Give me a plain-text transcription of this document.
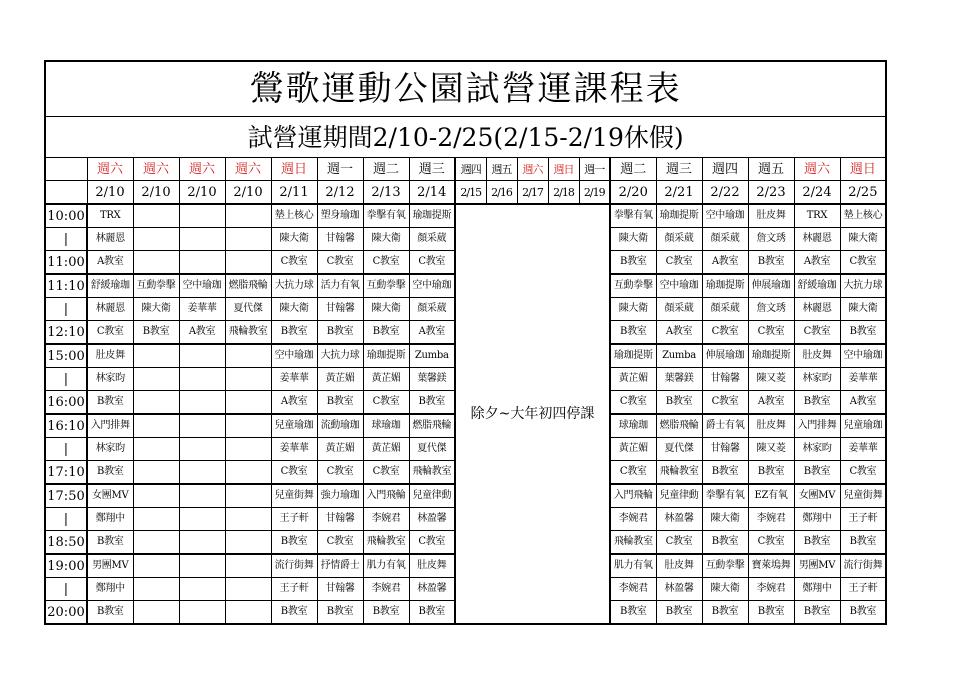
鶯歌運動公園試營運課程表																			
試營運期間2/10-2/25(2/15-2/19休假)																			
	週六	週六	週六	週六	週日	週一	週二	週三	週四	週五	週六	週日	週一	週二	週三	週四	週五	週六	週日
	2/10	2/10	2/10	2/10	2/11	2/12	2/13	2/14	2/15	2/16	2/17	2/18	2/19	2/20	2/21	2/22	2/23	2/24	2/25
10:00	TRX				墊上核心	塑身瑜珈	拳擊有氧	瑜珈提斯	除夕~大年初四停課					拳擊有氧	瑜珈提斯	空中瑜珈	肚皮舞	TRX	墊上核心
|	林麗恩				陳大衛	甘翰馨	陳大衛	顏采葳						陳大衛	顏采葳	顏采葳	詹文琇	林麗恩	陳大衛
11:00	A教室				C教室	C教室	C教室	C教室						B教室	C教室	A教室	B教室	A教室	C教室
11:10	舒緩瑜珈	互動拳擊	空中瑜珈	燃脂飛輪	大抗力球	活力有氧	互動拳擊	空中瑜珈						互動拳擊	空中瑜珈	瑜珈提斯	伸展瑜珈	舒緩瑜珈	大抗力球
|	林麗恩	陳大衛	姜華華	夏代傑	陳大衛	甘翰馨	陳大衛	顏采葳						陳大衛	顏采葳	顏采葳	詹文琇	林麗恩	陳大衛
12:10	C教室	B教室	A教室	飛輪教室	B教室	B教室	B教室	A教室						B教室	A教室	C教室	C教室	C教室	B教室
15:00	肚皮舞				空中瑜珈	大抗力球	瑜珈提斯	Zumba						瑜珈提斯	Zumba	伸展瑜珈	瑜珈提斯	肚皮舞	空中瑜珈
|	林家昀				姜華華	黃芷媚	黃芷媚	葉馨鎂						黃芷媚	葉馨鎂	甘翰馨	陳又菱	林家昀	姜華華
16:00	B教室				A教室	B教室	C教室	B教室						C教室	B教室	C教室	A教室	B教室	A教室
16:10	入門排舞				兒童瑜珈	流動瑜珈	球瑜珈	燃脂飛輪						球瑜珈	燃脂飛輪	爵士有氧	肚皮舞	入門排舞	兒童瑜珈
|	林家昀				姜華華	黃芷媚	黃芷媚	夏代傑						黃芷媚	夏代傑	甘翰馨	陳又菱	林家昀	姜華華
17:10	B教室				C教室	C教室	C教室	飛輪教室						C教室	飛輪教室	B教室	B教室	B教室	C教室
17:50	女團MV				兒童街舞	強力瑜珈	入門飛輪	兒童律動						入門飛輪	兒童律動	拳擊有氧	EZ有氧	女團MV	兒童街舞
|	鄭翔中				王子軒	甘翰馨	李婉君	林盈馨						李婉君	林盈馨	陳大衛	李婉君	鄭翔中	王子軒
18:50	B教室				B教室	C教室	飛輪教室	C教室						飛輪教室	C教室	B教室	C教室	B教室	B教室
19:00	男團MV				流行街舞	抒情爵士	肌力有氧	肚皮舞						肌力有氧	肚皮舞	互動拳擊	寶萊塢舞	男團MV	流行街舞
|	鄭翔中				王子軒	甘翰馨	李婉君	林盈馨						李婉君	林盈馨	陳大衛	李婉君	鄭翔中	王子軒
20:00	B教室				B教室	B教室	B教室	B教室						B教室	B教室	B教室	B教室	B教室	B教室
